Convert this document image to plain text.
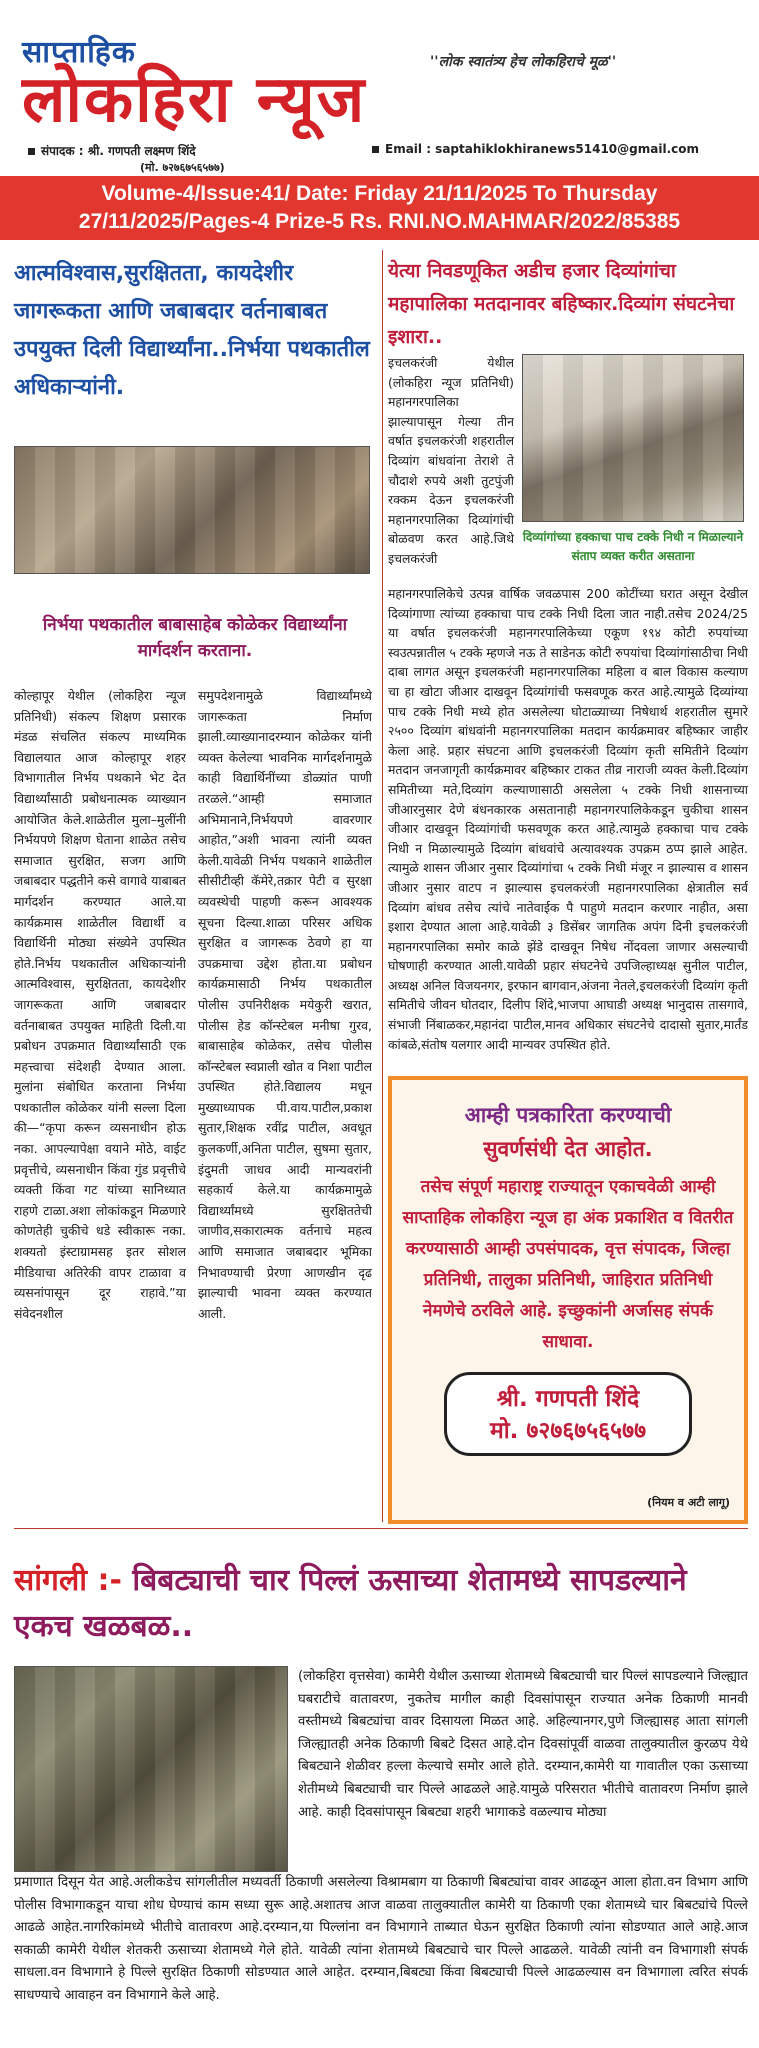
साप्ताहिक	''लोक स्वातंत्र्य हेच लोकहिराचे मूळ''
लोकहिरा न्यूज
संपादक : श्री. गणपती लक्ष्मण शिंदे
(मो. ७२७६७५६५७७)
Email : saptahiklokhiranews51410@gmail.com
Volume-4/Issue:41/ Date: Friday 21/11/2025 To Thursday
27/11/2025/Pages-4 Prize-5 Rs. RNI.NO.MAHMAR/2022/85385
आत्मविश्वास,सुरक्षितता, कायदेशीर जागरूकता आणि जबाबदार वर्तनाबाबत उपयुक्त दिली विद्यार्थ्यांना..निर्भया पथकातील अधिकाऱ्यांनी.
निर्भया पथकातील बाबासाहेब कोळेकर विद्यार्थ्यांना मार्गदर्शन करताना.
कोल्हापूर येथील (लोकहिरा न्यूज प्रतिनिधी) संकल्प शिक्षण प्रसारक मंडळ संचलित संकल्प माध्यमिक विद्यालयात आज कोल्हापूर शहर विभागातील निर्भय पथकाने भेट देत विद्यार्थ्यांसाठी प्रबोधनात्मक व्याख्यान आयोजित केले.शाळेतील मुला–मुलींनी निर्भयपणे शिक्षण घेताना शाळेत तसेच समाजात सुरक्षित, सजग आणि जबाबदार पद्धतीने कसे वागावे याबाबत मार्गदर्शन करण्यात आले.या कार्यक्रमास शाळेतील विद्यार्थी व विद्यार्थिनी मोठ्या संख्येने उपस्थित होते.निर्भय पथकातील अधिकाऱ्यांनी आत्मविश्वास, सुरक्षितता, कायदेशीर जागरूकता आणि जबाबदार वर्तनाबाबत उपयुक्त माहिती दिली.या प्रबोधन उपक्रमात विद्यार्थ्यांसाठी एक महत्त्वाचा संदेशही देण्यात आला. मुलांना संबोधित करताना निर्भया पथकातील कोळेकर यांनी सल्ला दिला की—“कृपा करून व्यसनाधीन होऊ नका. आपल्यापेक्षा वयाने मोठे, वाईट प्रवृत्तीचे, व्यसनाधीन किंवा गुंड प्रवृत्तीचे व्यक्ती किंवा गट यांच्या सानिध्यात राहणे टाळा.अशा लोकांकडून मिळणारे कोणतेही चुकीचे धडे स्वीकारू नका. शक्यतो इंस्टाग्रामसह इतर सोशल मीडियाचा अतिरेकी वापर टाळावा व व्यसनांपासून दूर राहावे.”या संवेदनशील
समुपदेशनामुळे विद्यार्थ्यांमध्ये जागरूकता निर्माण झाली.व्याख्यानादरम्यान कोळेकर यांनी व्यक्त केलेल्या भावनिक मार्गदर्शनामुळे काही विद्यार्थिनींच्या डोळ्यांत पाणी तरळले.“आम्ही समाजात अभिमानाने,निर्भयपणे वावरणार आहोत,”अशी भावना त्यांनी व्यक्त केली.यावेळी निर्भय पथकाने शाळेतील सीसीटीव्ही कॅमेरे,तक्रार पेटी व सुरक्षा व्यवस्थेची पाहणी करून आवश्यक सूचना दिल्या.शाळा परिसर अधिक सुरक्षित व जागरूक ठेवणे हा या उपक्रमाचा उद्देश होता.या प्रबोधन कार्यक्रमासाठी निर्भय पथकातील पोलीस उपनिरीक्षक मयेकुरी खरात, पोलीस हेड कॉन्स्टेबल मनीषा गुरव, बाबासाहेब कोळेकर, तसेच पोलीस कॉन्स्टेबल स्वप्नाली खोत व निशा पाटील उपस्थित होते.विद्यालय मधून मुख्याध्यापक पी.वाय.पाटील,प्रकाश सुतार,शिक्षक रवींद्र पाटील, अवधूत कुलकर्णी,अनिता पाटील, सुषमा सुतार, इंदुमती जाधव आदी मान्यवरांनी सहकार्य केले.या कार्यक्रमामुळे विद्यार्थ्यांमध्ये सुरक्षिततेची जाणीव,सकारात्मक वर्तनाचे महत्व आणि समाजात जबाबदार भूमिका निभावण्याची प्रेरणा आणखीन दृढ झाल्याची भावना व्यक्त करण्यात आली.
येत्या निवडणूकित अडीच हजार दिव्यांगांचा महापालिका मतदानावर बहिष्कार.दिव्यांग संघटनेचा इशारा..
इचलकरंजी येथील (लोकहिरा न्यूज प्रतिनिधी) महानगरपालिका झाल्यापासून गेल्या तीन वर्षात इचलकरंजी शहरातील दिव्यांग बांधवांना तेराशे ते चौदाशे रुपये अशी तुटपुंजी रक्कम देऊन इचलकरंजी महानगरपालिका दिव्यांगांची बोळवण करत आहे.जिथे इचलकरंजी
दिव्यांगांच्या हक्काचा पाच टक्के निधी न मिळाल्याने संताप व्यक्त करीत असताना
महानगरपालिकेचे उत्पन्न वार्षिक जवळपास 200 कोटींच्या घरात असून देखील दिव्यांगाणा त्यांच्या हक्काचा पाच टक्के निधी दिला जात नाही.तसेच 2024/25 या वर्षात इचलकरंजी महानगरपालिकेच्या एकूण १९४ कोटी रुपयांच्या स्वउत्पन्नातील ५ टक्के म्हणजे नऊ ते साडेनऊ कोटी रुपयांचा दिव्यांगांसाठीचा निधी दाबा लागत असून इचलकरंजी महानगरपालिका महिला व बाल विकास कल्याण चा हा खोटा जीआर दाखवून दिव्यांगांची फसवणूक करत आहे.त्यामुळे दिव्यांग्या पाच टक्के निधी मध्ये होत असलेल्या घोटाळ्याच्या निषेधार्थ शहरातील सुमारे २५०० दिव्यांग बांधवांनी महानगरपालिका मतदान कार्यक्रमावर बहिष्कार जाहीर केला आहे. प्रहार संघटना आणि इचलकरंजी दिव्यांग कृती समितीने दिव्यांग मतदान जनजागृती कार्यक्रमावर बहिष्कार टाकत तीव्र नाराजी व्यक्त केली.दिव्यांग समितीच्या मते,दिव्यांग कल्याणासाठी असलेला ५ टक्के निधी शासनाच्या जीआरनुसार देणे बंधनकारक असतानाही महानगरपालिकेकडून चुकीचा शासन जीआर दाखवून दिव्यांगांची फसवणूक करत आहे.त्यामुळे हक्काचा पाच टक्के निधी न मिळाल्यामुळे दिव्यांग बांधवांचे अत्यावश्यक उपक्रम ठप्प झाले आहेत. त्यामुळे शासन जीआर नुसार दिव्यांगांचा ५ टक्के निधी मंजूर न झाल्यास व शासन जीआर नुसार वाटप न झाल्यास इचलकरंजी महानगरपालिका क्षेत्रातील सर्व दिव्यांग बांधव तसेच त्यांचे नातेवाईक पै पाहुणे मतदान करणार नाहीत, असा इशारा देण्यात आला आहे.यावेळी ३ डिसेंबर जागतिक अपंग दिनी इचलकरंजी महानगरपालिका समोर काळे झेंडे दाखवून निषेध नोंदवला जाणार असल्याची घोषणाही करण्यात आली.यावेळी प्रहार संघटनेचे उपजिल्हाध्यक्ष सुनील पाटील, अध्यक्ष अनिल विजयनगर, इरफान बागवान,अंजना नेतले,इचलकरंजी दिव्यांग कृती समितीचे जीवन घोतदार, दिलीप शिंदे,भाजपा आघाडी अध्यक्ष भानुदास तासगावे, संभाजी निंबाळकर,महानंदा पाटील,मानव अधिकार संघटनेचे दादासो सुतार,मार्तंड कांबळे,संतोष यलगार आदी मान्यवर उपस्थित होते.
आम्ही पत्रकारिता करण्याची
सुवर्णसंधी देत आहोत.
तसेच संपूर्ण महाराष्ट्र राज्यातून एकाचवेळी आम्ही साप्ताहिक लोकहिरा न्यूज हा अंक प्रकाशित व वितरीत करण्यासाठी आम्ही उपसंपादक, वृत्त संपादक, जिल्हा प्रतिनिधी, तालुका प्रतिनिधी, जाहिरात प्रतिनिधी नेमणेचे ठरविले आहे. इच्छुकांनी अर्जासह संपर्क साधावा.
श्री. गणपती शिंदे
मो. ७२७६७५६५७७
(नियम व अटी लागू)
सांगली :- बिबट्याची चार पिल्लं ऊसाच्या शेतामध्ये सापडल्याने एकच खळबळ..
(लोकहिरा वृत्तसेवा) कामेरी येथील ऊसाच्या शेतामध्ये बिबट्याची चार पिल्लं सापडल्याने जिल्ह्यात घबराटीचे वातावरण, नुकतेच मागील काही दिवसांपासून राज्यात अनेक ठिकाणी मानवी वस्तीमध्ये बिबट्यांचा वावर दिसायला मिळत आहे. अहिल्यानगर,पुणे जिल्ह्यासह आता सांगली जिल्ह्यातही अनेक ठिकाणी बिबटे दिसत आहे.दोन दिवसांपूर्वी वाळवा तालुक्यातील कुरळप येथे बिबट्याने शेळीवर हल्ला केल्याचे समोर आले होते. दरम्यान,कामेरी या गावातील एका ऊसाच्या शेतीमध्ये बिबट्याची चार पिल्ले आढळले आहे.यामुळे परिसरात भीतीचे वातावरण निर्माण झाले आहे. काही दिवसांपासून बिबट्या शहरी भागाकडे वळल्याच मोठ्या
प्रमाणात दिसून येत आहे.अलीकडेच सांगलीतील मध्यवर्ती ठिकाणी असलेल्या विश्रामबाग या ठिकाणी बिबट्यांचा वावर आढळून आला होता.वन विभाग आणि पोलीस विभागाकडून याचा शोध घेण्याचं काम सध्या सुरू आहे.अशातच आज वाळवा तालुक्यातील कामेरी या ठिकाणी एका शेतामध्ये चार बिबट्यांचे पिल्ले आढळे आहेत.नागरिकांमध्ये भीतीचे वातावरण आहे.दरम्यान,या पिल्लांना वन विभागाने ताब्यात घेऊन सुरक्षित ठिकाणी त्यांना सोडण्यात आले आहे.आज सकाळी कामेरी येथील शेतकरी ऊसाच्या शेतामध्ये गेले होते. यावेळी त्यांना शेतामध्ये बिबट्याचे चार पिल्ले आढळले. यावेळी त्यांनी वन विभागाशी संपर्क साधला.वन विभागाने हे पिल्ले सुरक्षित ठिकाणी सोडण्यात आले आहेत. दरम्यान,बिबट्या किंवा बिबट्याची पिल्ले आढळल्यास वन विभागाला त्वरित संपर्क साधण्याचे आवाहन वन विभागाने केले आहे.
